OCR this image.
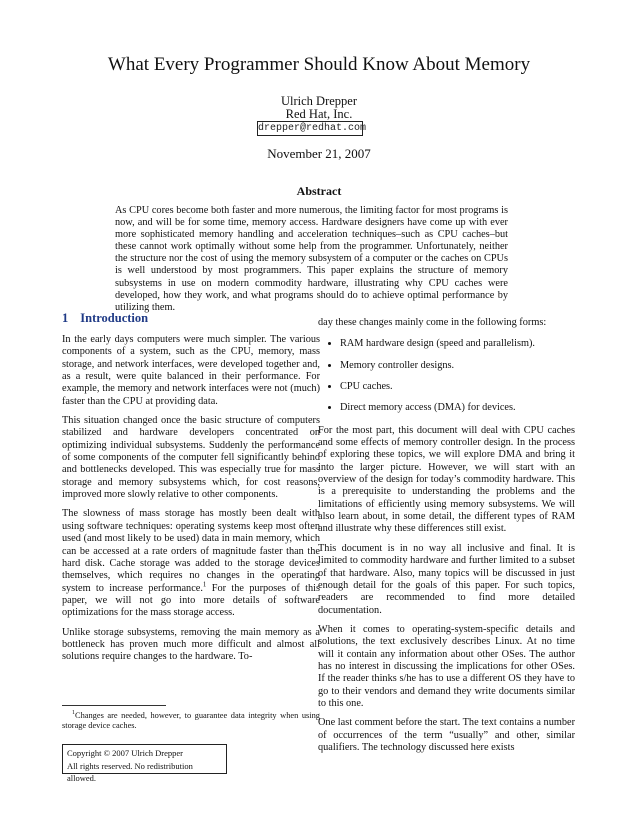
What Every Programmer Should Know About Memory
Ulrich Drepper
Red Hat, Inc.
drepper@redhat.com
November 21, 2007
Abstract

As CPU cores become both faster and more numerous, the limiting factor for most programs is now, and will be for some time, memory access. Hardware designers have come up with ever more sophisticated memory handling and acceleration techniques–such as CPU caches–but these cannot work optimally without some help from the programmer. Unfortunately, neither the structure nor the cost of using the memory subsystem of a computer or the caches on CPUs is well understood by most programmers. This paper explains the structure of memory subsystems in use on modern commodity hardware, illustrating why CPU caches were developed, how they work, and what programs should do to achieve optimal performance by utilizing them.

1 Introduction

In the early days computers were much simpler. The various components of a system, such as the CPU, memory, mass storage, and network interfaces, were developed together and, as a result, were quite balanced in their performance. For example, the memory and network interfaces were not (much) faster than the CPU at providing data.

This situation changed once the basic structure of computers stabilized and hardware developers concentrated on optimizing individual subsystems. Suddenly the performance of some components of the computer fell significantly behind and bottlenecks developed. This was especially true for mass storage and memory subsystems which, for cost reasons, improved more slowly relative to other components.

The slowness of mass storage has mostly been dealt with using software techniques: operating systems keep most often used (and most likely to be used) data in main memory, which can be accessed at a rate orders of magnitude faster than the hard disk. Cache storage was added to the storage devices themselves, which requires no changes in the operating system to increase performance.$^1$ For the purposes of this paper, we will not go into more details of software optimizations for the mass storage access.

Unlike storage subsystems, removing the main memory as a bottleneck has proven much more difficult and almost all solutions require changes to the hardware. To-

$^1$Changes are needed, however, to guarantee data integrity when using storage device caches.

Copyright © 2007 Ulrich Drepper
All rights reserved. No redistribution allowed.

day these changes mainly come in the following forms:

• RAM hardware design (speed and parallelism).
• Memory controller designs.
• CPU caches.
• Direct memory access (DMA) for devices.

For the most part, this document will deal with CPU caches and some effects of memory controller design. In the process of exploring these topics, we will explore DMA and bring it into the larger picture. However, we will start with an overview of the design for today’s commodity hardware. This is a prerequisite to understanding the problems and the limitations of efficiently using memory subsystems. We will also learn about, in some detail, the different types of RAM and illustrate why these differences still exist.

This document is in no way all inclusive and final. It is limited to commodity hardware and further limited to a subset of that hardware. Also, many topics will be discussed in just enough detail for the goals of this paper. For such topics, readers are recommended to find more detailed documentation.

When it comes to operating-system-specific details and solutions, the text exclusively describes Linux. At no time will it contain any information about other OSes. The author has no interest in discussing the implications for other OSes. If the reader thinks s/he has to use a different OS they have to go to their vendors and demand they write documents similar to this one.

One last comment before the start. The text contains a number of occurrences of the term “usually” and other, similar qualifiers. The technology discussed here exists
